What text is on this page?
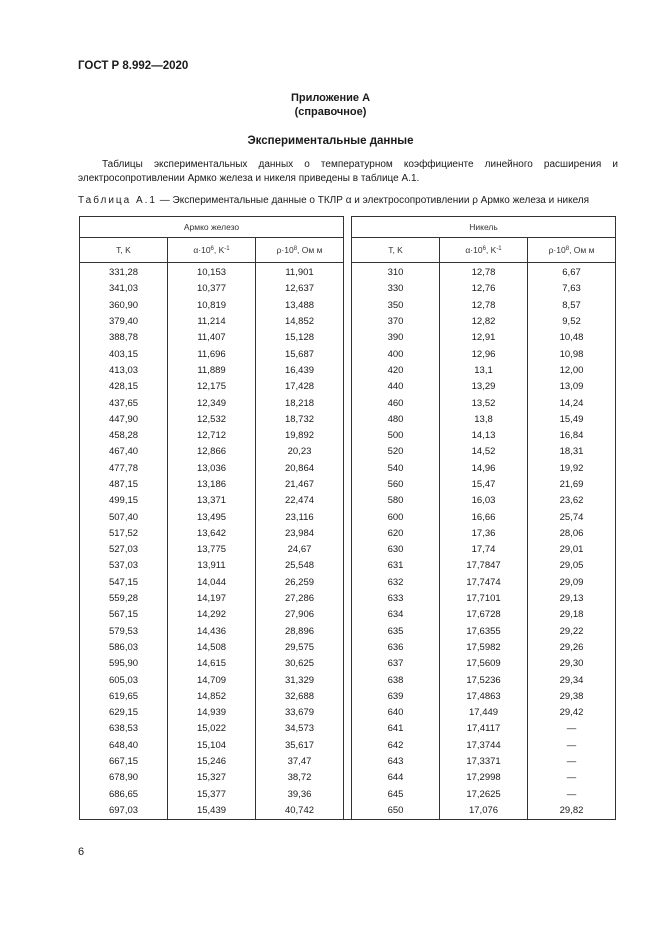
ГОСТ Р 8.992—2020
Приложение А
(справочное)
Экспериментальные данные
Таблицы экспериментальных данных о температурном коэффициенте линейного расширения и электросопротивлении Армко железа и никеля приведены в таблице А.1.
Таблица А.1 — Экспериментальные данные о ТКЛР α и электросопротивлении ρ Армко железа и никеля
Армко железо				Никель		
T, K	$\alpha\cdot 10^6$, $K^{-1}$	$\rho\cdot 10^8$, Ом м		T, K	$\alpha\cdot 10^6$, $K^{-1}$	$\rho\cdot 10^8$, Ом м
331,28	10,153	11,901		310	12,78	6,67
341,03	10,377	12,637		330	12,76	7,63
360,90	10,819	13,488		350	12,78	8,57
379,40	11,214	14,852		370	12,82	9,52
388,78	11,407	15,128		390	12,91	10,48
403,15	11,696	15,687		400	12,96	10,98
413,03	11,889	16,439		420	13,1	12,00
428,15	12,175	17,428		440	13,29	13,09
437,65	12,349	18,218		460	13,52	14,24
447,90	12,532	18,732		480	13,8	15,49
458,28	12,712	19,892		500	14,13	16,84
467,40	12,866	20,23		520	14,52	18,31
477,78	13,036	20,864		540	14,96	19,92
487,15	13,186	21,467		560	15,47	21,69
499,15	13,371	22,474		580	16,03	23,62
507,40	13,495	23,116		600	16,66	25,74
517,52	13,642	23,984		620	17,36	28,06
527,03	13,775	24,67		630	17,74	29,01
537,03	13,911	25,548		631	17,7847	29,05
547,15	14,044	26,259		632	17,7474	29,09
559,28	14,197	27,286		633	17,7101	29,13
567,15	14,292	27,906		634	17,6728	29,18
579,53	14,436	28,896		635	17,6355	29,22
586,03	14,508	29,575		636	17,5982	29,26
595,90	14,615	30,625		637	17,5609	29,30
605,03	14,709	31,329		638	17,5236	29,34
619,65	14,852	32,688		639	17,4863	29,38
629,15	14,939	33,679		640	17,449	29,42
638,53	15,022	34,573		641	17,4117	—
648,40	15,104	35,617		642	17,3744	—
667,15	15,246	37,47		643	17,3371	—
678,90	15,327	38,72		644	17,2998	—
686,65	15,377	39,36		645	17,2625	—
697,03	15,439	40,742		650	17,076	29,82
6
